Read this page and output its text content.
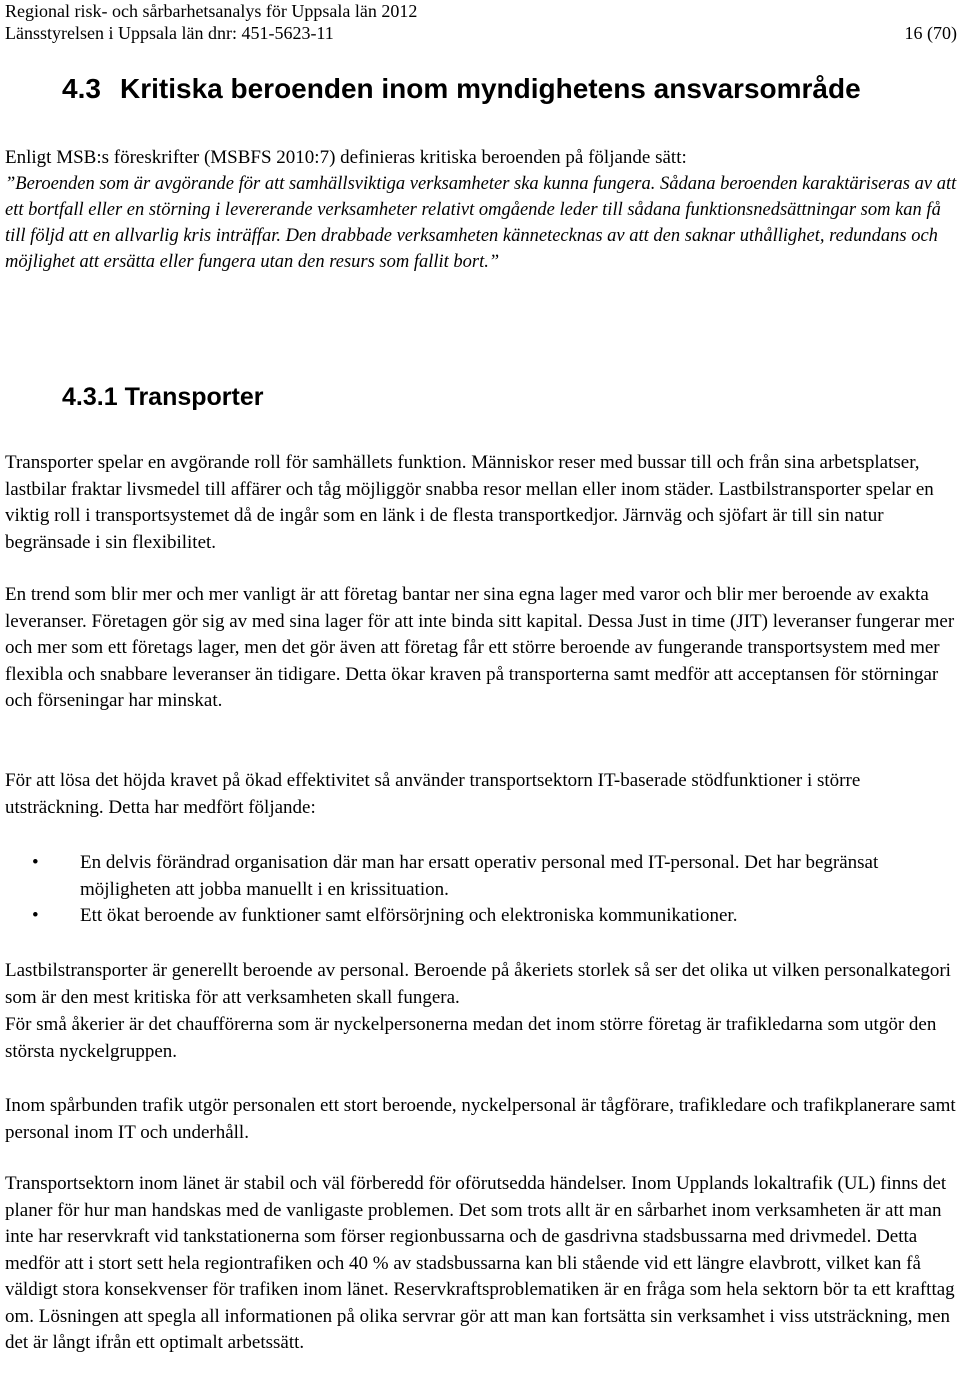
Regional risk- och sårbarhetsanalys för Uppsala län 2012
Länsstyrelsen i Uppsala län dnr: 451-5623-11	16 (70)
4.3 Kritiska beroenden inom myndighetens ansvarsområde

Enligt MSB:s föreskrifter (MSBFS 2010:7) definieras kritiska beroenden på följande sätt:

”Beroenden som är avgörande för att samhällsviktiga verksamheter ska kunna fungera. Sådana beroenden karaktäriseras av att ett bortfall eller en störning i levererande verksamheter relativt omgående leder till sådana funktionsnedsättningar som kan få till följd att en allvarlig kris inträffar. Den drabbade verksamheten kännetecknas av att den saknar uthållighet, redundans och möjlighet att ersätta eller fungera utan den resurs som fallit bort.”

4.3.1 Transporter

Transporter spelar en avgörande roll för samhällets funktion. Människor reser med bussar till och från sina arbetsplatser, lastbilar fraktar livsmedel till affärer och tåg möjliggör snabba resor mellan eller inom städer. Lastbilstransporter spelar en viktig roll i transportsystemet då de ingår som en länk i de flesta transportkedjor. Järnväg och sjöfart är till sin natur begränsade i sin flexibilitet.

En trend som blir mer och mer vanligt är att företag bantar ner sina egna lager med varor och blir mer beroende av exakta leveranser. Företagen gör sig av med sina lager för att inte binda sitt kapital. Dessa Just in time (JIT) leveranser fungerar mer och mer som ett företags lager, men det gör även att företag får ett större beroende av fungerande transportsystem med mer flexibla och snabbare leveranser än tidigare. Detta ökar kraven på transporterna samt medför att acceptansen för störningar och förseningar har minskat.

För att lösa det höjda kravet på ökad effektivitet så använder transportsektorn IT-baserade stödfunktioner i större utsträckning. Detta har medfört följande:

• En delvis förändrad organisation där man har ersatt operativ personal med IT-personal. Det har begränsat möjligheten att jobba manuellt i en krissituation.
• Ett ökat beroende av funktioner samt elförsörjning och elektroniska kommunikationer.

Lastbilstransporter är generellt beroende av personal. Beroende på åkeriets storlek så ser det olika ut vilken personalkategori som är den mest kritiska för att verksamheten skall fungera.

För små åkerier är det chaufförerna som är nyckelpersonerna medan det inom större företag är trafikledarna som utgör den största nyckelgruppen.

Inom spårbunden trafik utgör personalen ett stort beroende, nyckelpersonal är tågförare, trafikledare och trafikplanerare samt personal inom IT och underhåll.

Transportsektorn inom länet är stabil och väl förberedd för oförutsedda händelser. Inom Upplands lokaltrafik (UL) finns det planer för hur man handskas med de vanligaste problemen. Det som trots allt är en sårbarhet inom verksamheten är att man inte har reservkraft vid tankstationerna som förser regionbussarna och de gasdrivna stadsbussarna med drivmedel. Detta medför att i stort sett hela regiontrafiken och 40 % av stadsbussarna kan bli stående vid ett längre elavbrott, vilket kan få väldigt stora konsekvenser för trafiken inom länet. Reservkraftsproblematiken är en fråga som hela sektorn bör ta ett krafttag om. Lösningen att spegla all informationen på olika servrar gör att man kan fortsätta sin verksamhet i viss utsträckning, men det är långt ifrån ett optimalt arbetssätt.
